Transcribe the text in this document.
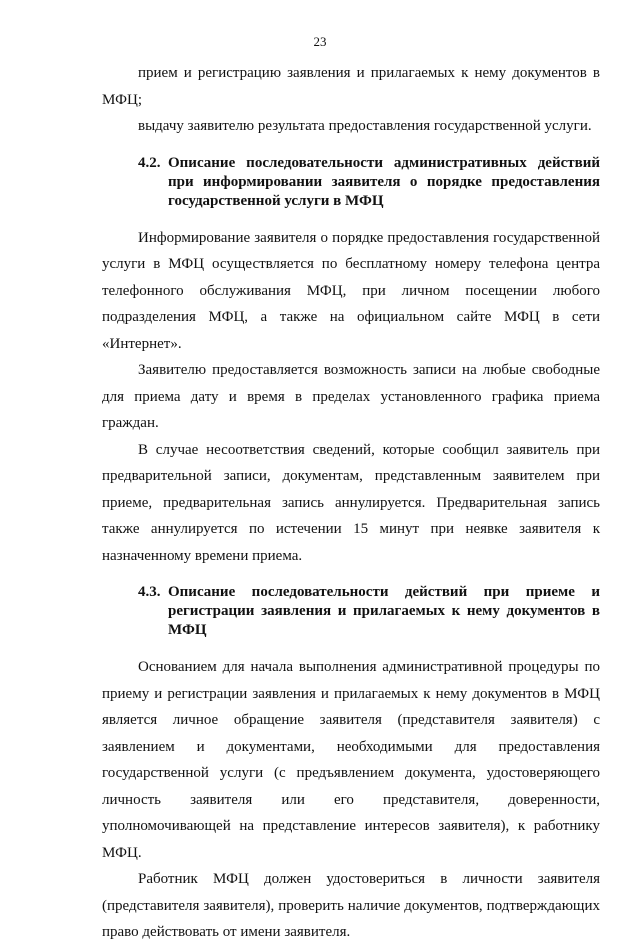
23

прием и регистрацию заявления и прилагаемых к нему документов в МФЦ;

выдачу заявителю результата предоставления государственной услуги.

4.2. Описание последовательности административных действий при информировании заявителя о порядке предоставления государственной услуги в МФЦ

Информирование заявителя о порядке предоставления государственной услуги в МФЦ осуществляется по бесплатному номеру телефона центра телефонного обслуживания МФЦ, при личном посещении любого подразделения МФЦ, а также на официальном сайте МФЦ в сети «Интернет».

Заявителю предоставляется возможность записи на любые свободные для приема дату и время в пределах установленного графика приема граждан.

В случае несоответствия сведений, которые сообщил заявитель при предварительной записи, документам, представленным заявителем при приеме, предварительная запись аннулируется. Предварительная запись также аннулируется по истечении 15 минут при неявке заявителя к назначенному времени приема.

4.3. Описание последовательности действий при приеме и регистрации заявления и прилагаемых к нему документов в МФЦ

Основанием для начала выполнения административной процедуры по приему и регистрации заявления и прилагаемых к нему документов в МФЦ является личное обращение заявителя (представителя заявителя) с заявлением и документами, необходимыми для предоставления государственной услуги (с предъявлением документа, удостоверяющего личность заявителя или его представителя, доверенности, уполномочивающей на представление интересов заявителя), к работнику МФЦ.

Работник МФЦ должен удостовериться в личности заявителя (представителя заявителя), проверить наличие документов, подтверждающих право действовать от имени заявителя.
